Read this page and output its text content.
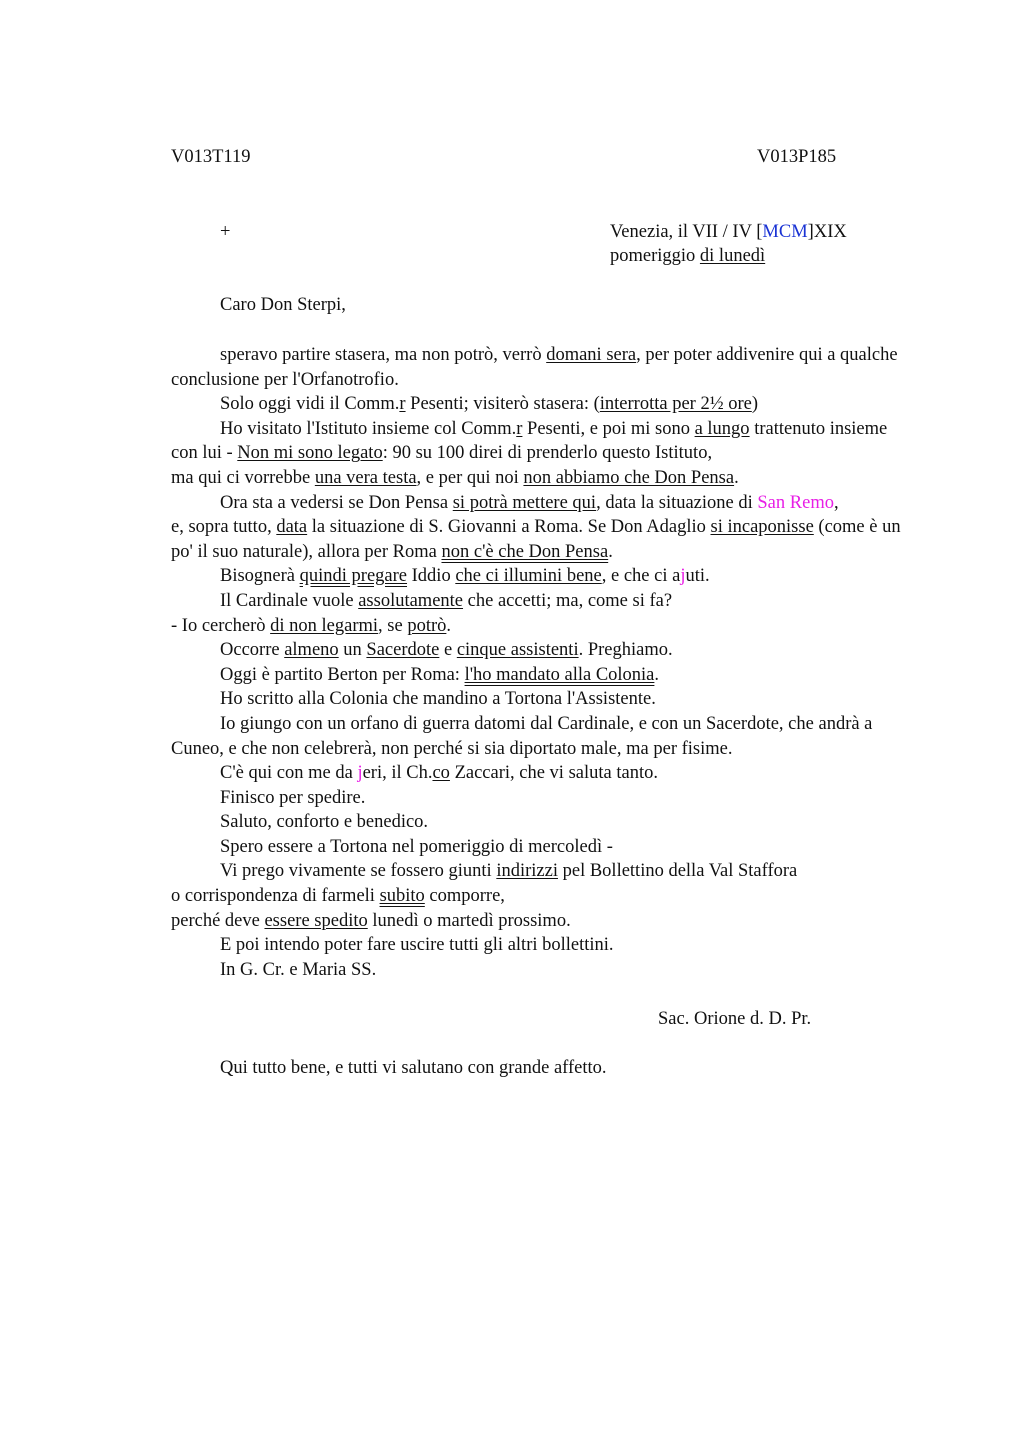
V013T119	V013P185
+	Venezia, il VII / IV [MCM]XIX
pomeriggio di lunedì
Caro Don Sterpi,

speravo partire stasera, ma non potrò, verrò domani sera, per poter addivenire qui a qualche conclusione per l'Orfanotrofio.

Solo oggi vidi il Comm.r Pesenti; visiterò stasera: (interrotta per 2½ ore)

Ho visitato l'Istituto insieme col Comm.r Pesenti, e poi mi sono a lungo trattenuto insieme con lui - Non mi sono legato: 90 su 100 direi di prenderlo questo Istituto,

ma qui ci vorrebbe una vera testa, e per qui noi non abbiamo che Don Pensa.

Ora sta a vedersi se Don Pensa si potrà mettere qui, data la situazione di San Remo,

e, sopra tutto, data la situazione di S. Giovanni a Roma. Se Don Adaglio si incaponisse (come è un po' il suo naturale), allora per Roma non c'è che Don Pensa.

Bisognerà quindi pregare Iddio che ci illumini bene, e che ci ajuti.

Il Cardinale vuole assolutamente che accetti; ma, come si fa?

- Io cercherò di non legarmi, se potrò.

Occorre almeno un Sacerdote e cinque assistenti. Preghiamo.

Oggi è partito Berton per Roma: l'ho mandato alla Colonia.

Ho scritto alla Colonia che mandino a Tortona l'Assistente.

Io giungo con un orfano di guerra datomi dal Cardinale, e con un Sacerdote, che andrà a Cuneo, e che non celebrerà, non perché si sia diportato male, ma per fisime.

C'è qui con me da jeri, il Ch.co Zaccari, che vi saluta tanto.

Finisco per spedire.

Saluto, conforto e benedico.

Spero essere a Tortona nel pomeriggio di mercoledì -

Vi prego vivamente se fossero giunti indirizzi pel Bollettino della Val Staffora

o corrispondenza di farmeli subito comporre,

perché deve essere spedito lunedì o martedì prossimo.

E poi intendo poter fare uscire tutti gli altri bollettini.

In G. Cr. e Maria SS.

Sac. Orione d. D. Pr.

Qui tutto bene, e tutti vi salutano con grande affetto.
